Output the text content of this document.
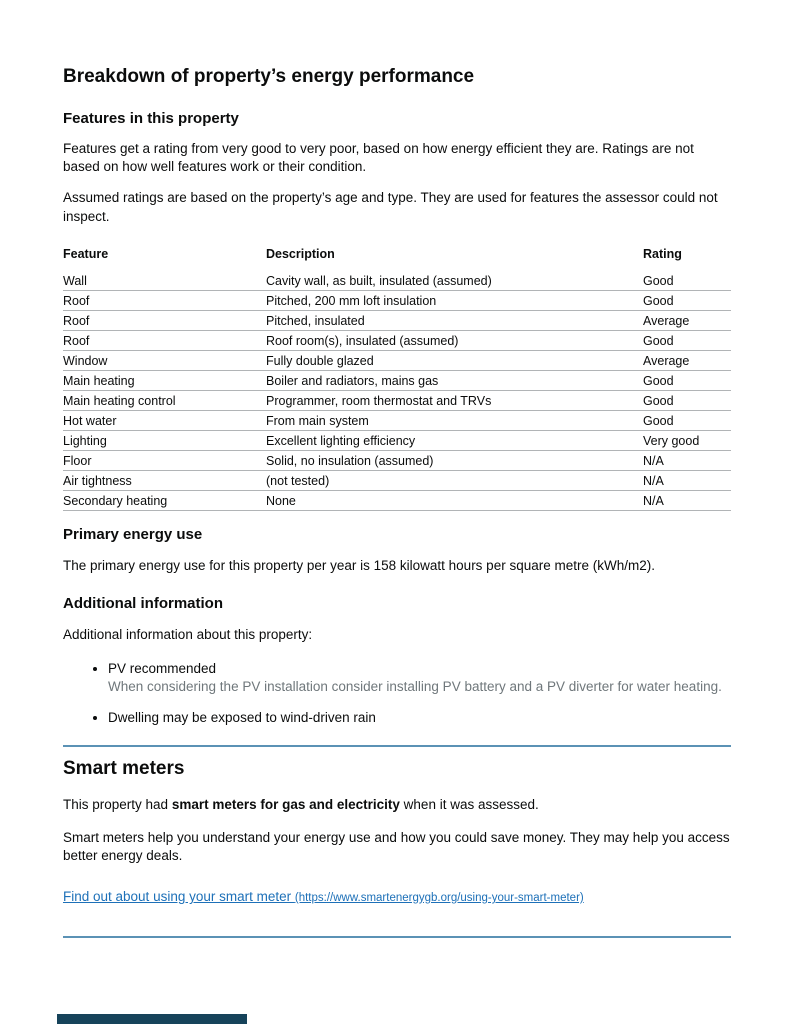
Breakdown of property’s energy performance
Features in this property

Features get a rating from very good to very poor, based on how energy efficient they are. Ratings are not based on how well features work or their condition.

Assumed ratings are based on the property’s age and type. They are used for features the assessor could not inspect.

Feature	Description	Rating
Wall	Cavity wall, as built, insulated (assumed)	Good
Roof	Pitched, 200 mm loft insulation	Good
Roof	Pitched, insulated	Average
Roof	Roof room(s), insulated (assumed)	Good
Window	Fully double glazed	Average
Main heating	Boiler and radiators, mains gas	Good
Main heating control	Programmer, room thermostat and TRVs	Good
Hot water	From main system	Good
Lighting	Excellent lighting efficiency	Very good
Floor	Solid, no insulation (assumed)	N/A
Air tightness	(not tested)	N/A
Secondary heating	None	N/A
Primary energy use

The primary energy use for this property per year is 158 kilowatt hours per square metre (kWh/m2).

Additional information

Additional information about this property:

• PV recommended
When considering the PV installation consider installing PV battery and a PV diverter for water heating.
• Dwelling may be exposed to wind-driven rain
Smart meters

This property had smart meters for gas and electricity when it was assessed.

Smart meters help you understand your energy use and how you could save money. They may help you access better energy deals.

Find out about using your smart meter (https://www.smartenergygb.org/using-your-smart-meter)
